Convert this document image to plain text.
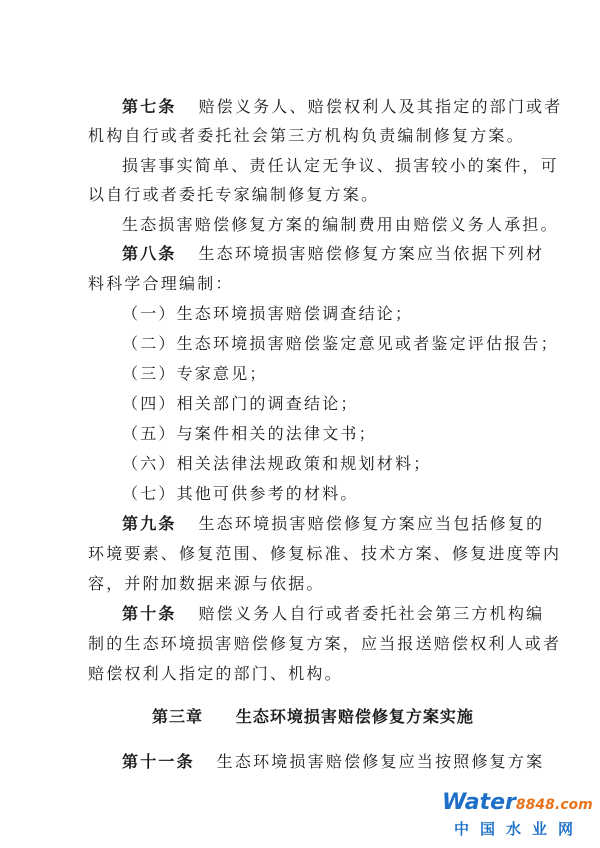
第七条 赔偿义务人、赔偿权利人及其指定的部门或者
机构自行或者委托社会第三方机构负责编制修复方案。
损害事实简单、责任认定无争议、损害较小的案件，可
以自行或者委托专家编制修复方案。
生态损害赔偿修复方案的编制费用由赔偿义务人承担。
第八条 生态环境损害赔偿修复方案应当依据下列材
料科学合理编制：
（一）生态环境损害赔偿调查结论；
（二）生态环境损害赔偿鉴定意见或者鉴定评估报告；
（三）专家意见；
（四）相关部门的调查结论；
（五）与案件相关的法律文书；
（六）相关法律法规政策和规划材料；
（七）其他可供参考的材料。
第九条 生态环境损害赔偿修复方案应当包括修复的
环境要素、修复范围、修复标准、技术方案、修复进度等内
容，并附加数据来源与依据。
第十条 赔偿义务人自行或者委托社会第三方机构编
制的生态环境损害赔偿修复方案，应当报送赔偿权利人或者
赔偿权利人指定的部门、机构。
第三章 生态环境损害赔偿修复方案实施
第十一条 生态环境损害赔偿修复应当按照修复方案
Water8848.com
中国水业网
